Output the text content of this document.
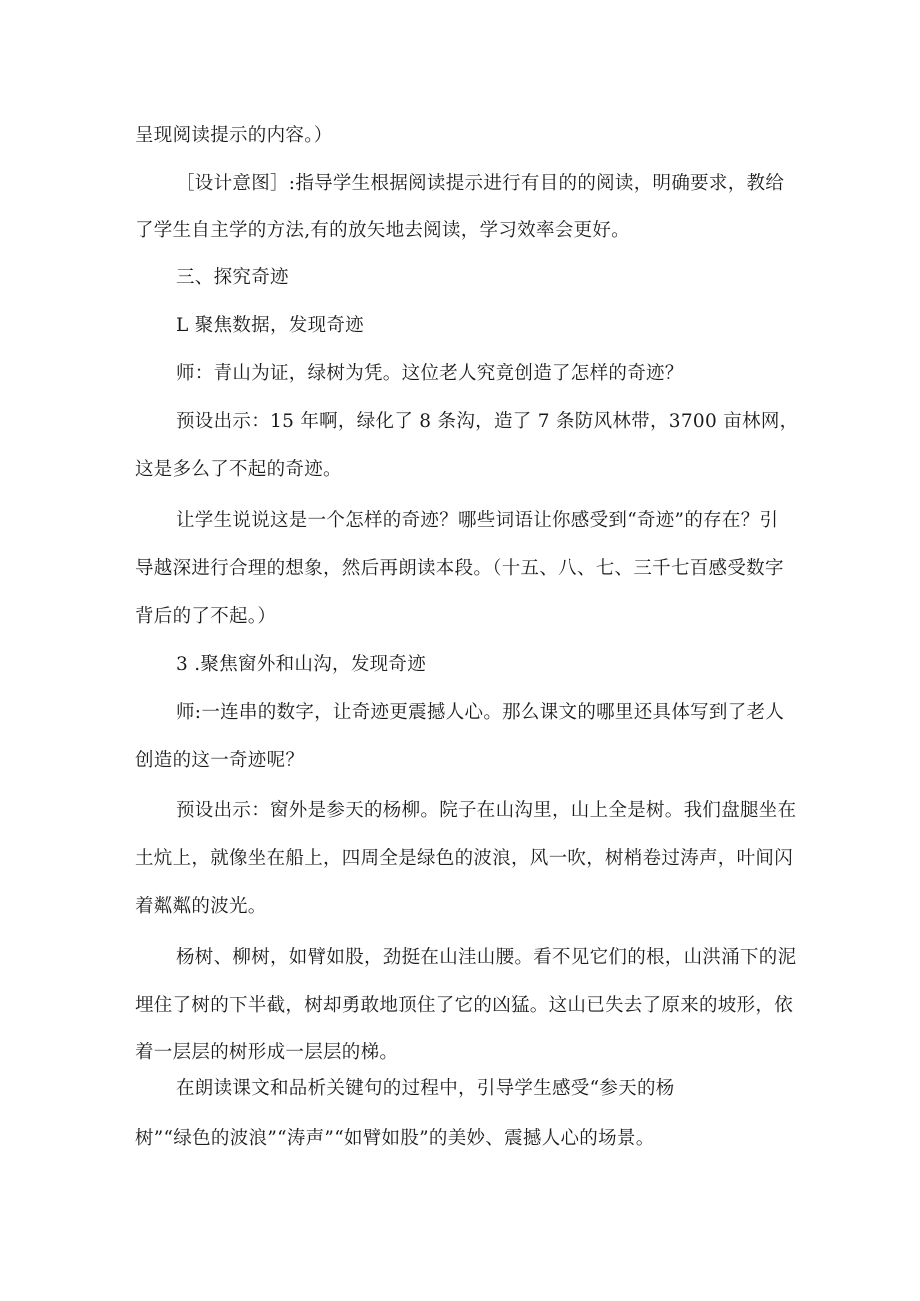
呈现阅读提示的内容。）
［设计意图］:指导学生根据阅读提示进行有目的的阅读，明确要求，教给
了学生自主学的方法,有的放矢地去阅读，学习效率会更好。
三、探究奇迹
L 聚焦数据，发现奇迹
师：青山为证，绿树为凭。这位老人究竟创造了怎样的奇迹？
预设出示：15 年啊，绿化了 8 条沟，造了 7 条防风林带，3700 亩林网，
这是多么了不起的奇迹。
让学生说说这是一个怎样的奇迹？哪些词语让你感受到“奇迹”的存在？引
导越深进行合理的想象，然后再朗读本段。（十五、八、七、三千七百感受数字
背后的了不起。）
3 .聚焦窗外和山沟，发现奇迹
师:一连串的数字，让奇迹更震撼人心。那么课文的哪里还具体写到了老人
创造的这一奇迹呢？
预设出示：窗外是参天的杨柳。院子在山沟里，山上全是树。我们盘腿坐在
土炕上，就像坐在船上，四周全是绿色的波浪，风一吹，树梢卷过涛声，叶间闪
着粼粼的波光。
杨树、柳树，如臂如股，劲挺在山洼山腰。看不见它们的根，山洪涌下的泥
埋住了树的下半截，树却勇敢地顶住了它的凶猛。这山已失去了原来的坡形，依
着一层层的树形成一层层的梯。
在朗读课文和品析关键句的过程中，引导学生感受“参天的杨
树”“绿色的波浪”“涛声”“如臂如股”的美妙、震撼人心的场景。
